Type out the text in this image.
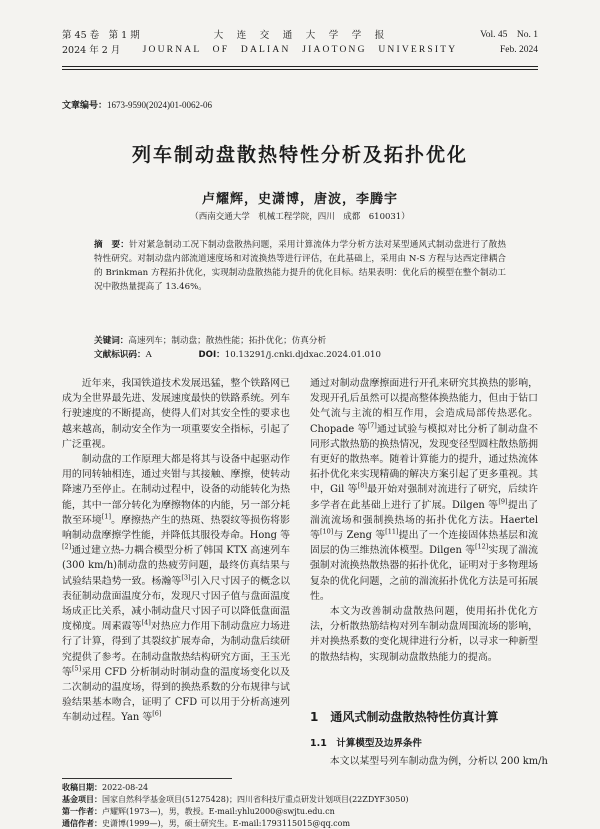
第 45 卷　第 1 期
2024 年 2 月
大　连　交　通　大　学　学　报
JOURNAL　OF　DALIAN　JIAOTONG　UNIVERSITY
Vol. 45　No. 1
Feb. 2024
文章编号：1673-9590(2024)01-0062-06
列车制动盘散热特性分析及拓扑优化
卢耀辉，史潇博，唐波，李腾宇
（西南交通大学　机械工程学院，四川　成都　610031）
摘　要：针对紧急制动工况下制动盘散热问题，采用计算流体力学分析方法对某型通风式制动盘进行了散热特性研究。对制动盘内部流道速度场和对流换热等进行评估，在此基础上，采用由 N-S 方程与达西定律耦合的 Brinkman 方程拓扑优化，实现制动盘散热能力提升的优化目标。结果表明：优化后的模型在整个制动工况中散热量提高了 13.46%。
关键词：高速列车；制动盘；散热性能；拓扑优化；仿真分析
文献标识码：A	DOI：10.13291/j.cnki.djdxac.2024.01.010

近年来，我国铁道技术发展迅猛，整个铁路网已成为全世界最先进、发展速度最快的铁路系统。列车行驶速度的不断提高，使得人们对其安全性的要求也越来越高，制动安全作为一项重要安全指标，引起了广泛重视。

制动盘的工作原理大都是将其与设备中起驱动作用的同转轴相连，通过夹钳与其接触、摩擦，使转动降速乃至停止。在制动过程中，设备的动能转化为热能，其中一部分转化为摩擦物体的内能，另一部分耗散至环境[1]。摩擦热产生的热斑、热裂纹等损伤将影响制动盘摩擦学性能，并降低其服役寿命。Hong 等[2]通过建立热-力耦合模型分析了韩国 KTX 高速列车(300 km/h)制动盘的热疲劳问题，最终仿真结果与试验结果趋势一致。杨瀚等[3]引入尺寸因子的概念以表征制动盘面温度分布，发现尺寸因子值与盘面温度场成正比关系，减小制动盘尺寸因子可以降低盘面温度梯度。周素霞等[4]对热应力作用下制动盘应力场进行了计算，得到了其裂纹扩展寿命，为制动盘后续研究提供了参考。在制动盘散热结构研究方面，王玉光等[5]采用 CFD 分析制动时制动盘的温度场变化以及二次制动的温度场，得到的换热系数的分布规律与试验结果基本吻合，证明了 CFD 可以用于分析高速列车制动过程。Yan 等[6]

通过对制动盘摩擦面进行开孔来研究其换热的影响，发现开孔后虽然可以提高整体换热能力，但由于钻口处气流与主流的相互作用，会造成局部传热恶化。Chopade 等[7]通过试验与模拟对比分析了制动盘不同形式散热筋的换热情况，发现变径型圆柱散热筋拥有更好的散热率。随着计算能力的提升，通过热流体拓扑优化来实现精确的解决方案引起了更多重视。其中，Gil 等[8]最开始对强制对流进行了研究，后续许多学者在此基础上进行了扩展。Dilgen 等[9]提出了湍流流场和强制换热场的拓扑优化方法。Haertel 等[10]与 Zeng 等[11]提出了一个连接固体热基层和流固层的伪三维热流体模型。Dilgen 等[12]实现了湍流强制对流换热散热器的拓扑优化，证明对于多物理场复杂的优化问题，之前的湍流拓扑优化方法是可拓展性。

本文为改善制动盘散热问题，使用拓扑优化方法，分析散热筋结构对列车制动盘周围流场的影响，并对换热系数的变化规律进行分析，以寻求一种新型的散热结构，实现制动盘散热能力的提高。

1　通风式制动盘散热特性仿真计算
1.1　计算模型及边界条件
本文以某型号列车制动盘为例，分析以 200 km/h
收稿日期：2022-08-24
基金项目：国家自然科学基金项目(51275428)；四川省科技厅重点研发计划项目(22ZDYF3050)
第一作者：卢耀辉(1973—)，男，教授。E-mail:yhlu2000@swjtu.edu.cn
通信作者：史潇博(1999—)，男，硕士研究生。E-mail:1793115015@qq.com
